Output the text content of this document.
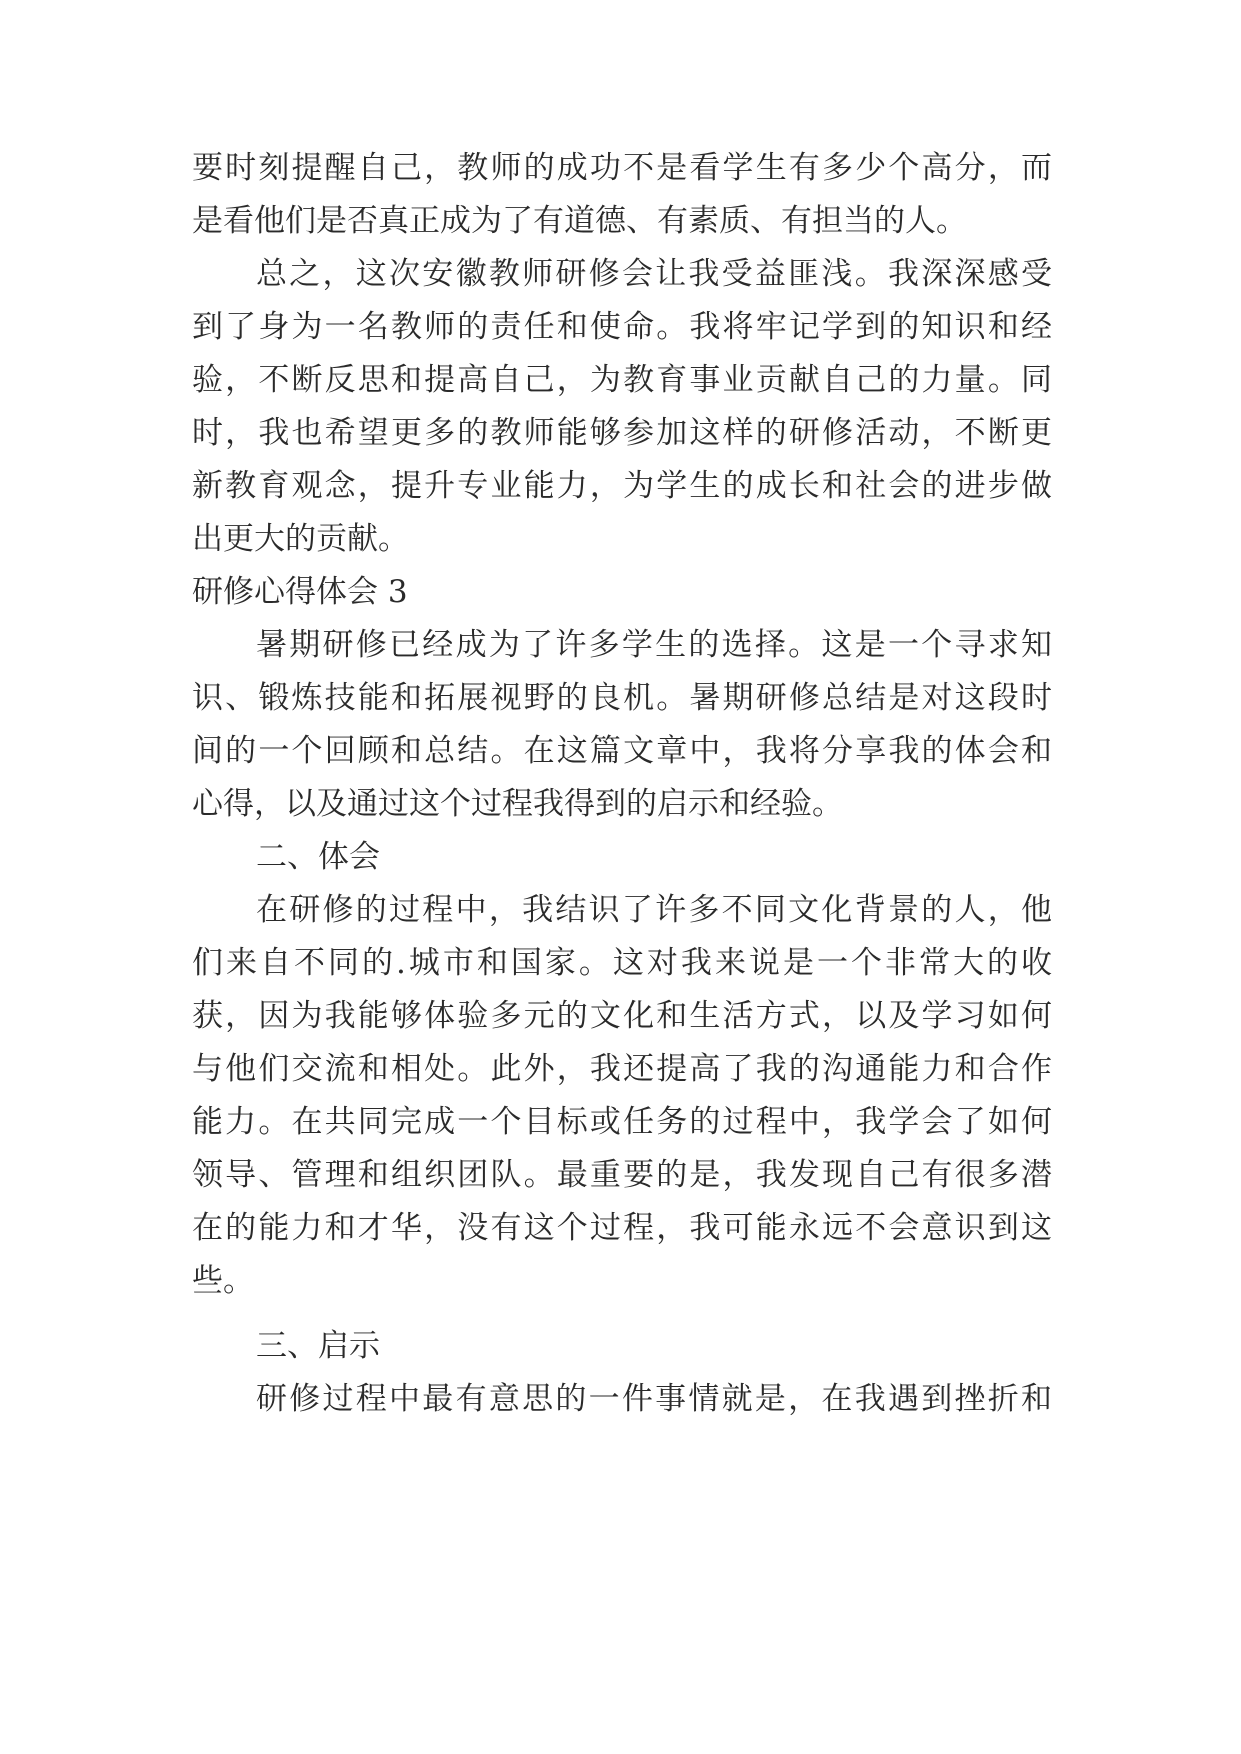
要时刻提醒自己，教师的成功不是看学生有多少个高分，而
是看他们是否真正成为了有道德、有素质、有担当的人。
总之，这次安徽教师研修会让我受益匪浅。我深深感受
到了身为一名教师的责任和使命。我将牢记学到的知识和经
验，不断反思和提高自己，为教育事业贡献自己的力量。同
时，我也希望更多的教师能够参加这样的研修活动，不断更
新教育观念，提升专业能力，为学生的成长和社会的进步做
出更大的贡献。
研修心得体会 3
暑期研修已经成为了许多学生的选择。这是一个寻求知
识、锻炼技能和拓展视野的良机。暑期研修总结是对这段时
间的一个回顾和总结。在这篇文章中，我将分享我的体会和
心得，以及通过这个过程我得到的启示和经验。
二、体会
在研修的过程中，我结识了许多不同文化背景的人，他
们来自不同的.城市和国家。这对我来说是一个非常大的收
获，因为我能够体验多元的文化和生活方式，以及学习如何
与他们交流和相处。此外，我还提高了我的沟通能力和合作
能力。在共同完成一个目标或任务的过程中，我学会了如何
领导、管理和组织团队。最重要的是，我发现自己有很多潜
在的能力和才华，没有这个过程，我可能永远不会意识到这
些。
三、启示
研修过程中最有意思的一件事情就是，在我遇到挫折和
